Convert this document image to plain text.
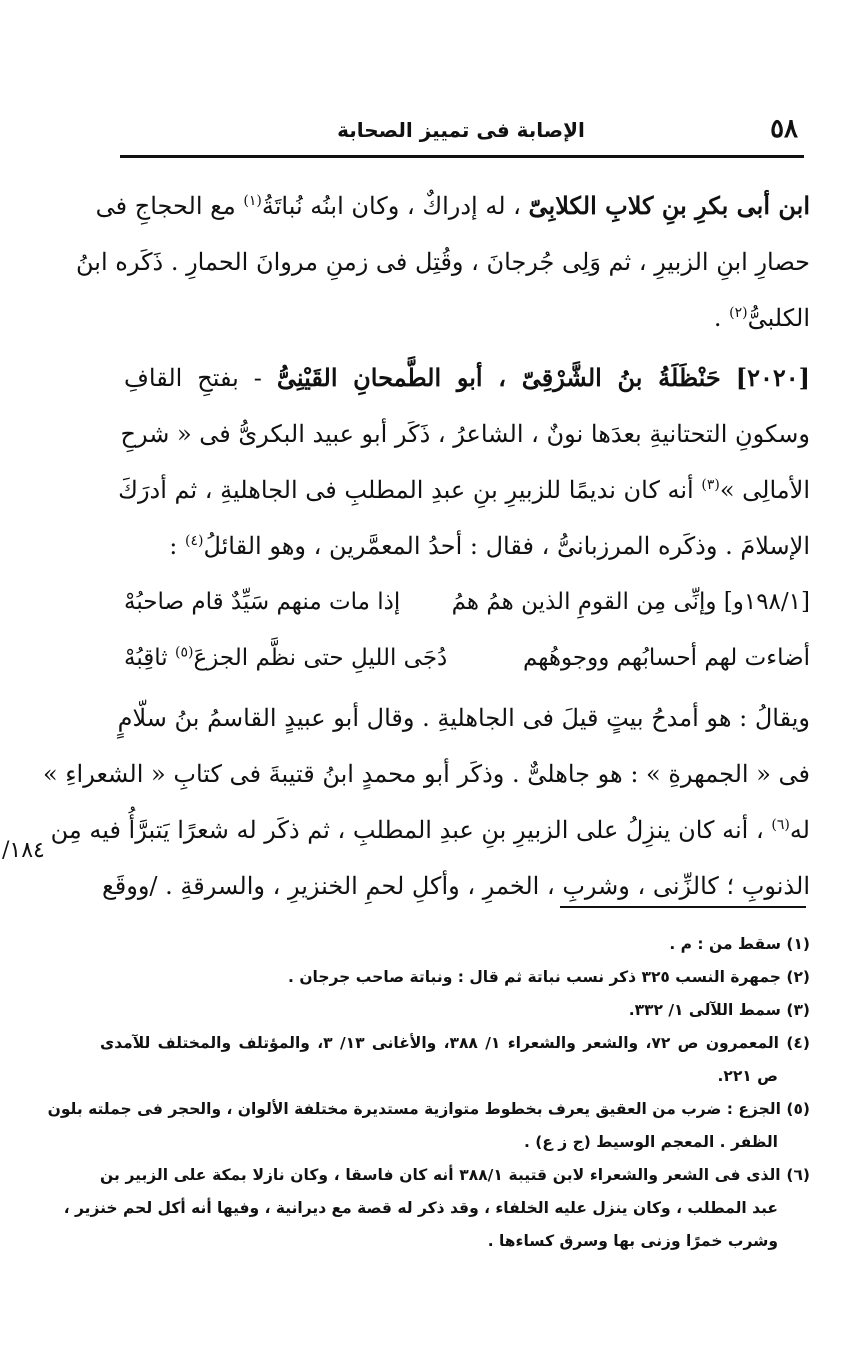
٥٨
الإصابة فى تمييز الصحابة

ابن أبى بكرِ بنِ كلابِ الكلابِىّ ، له إدراكٌ ، وكان ابنُه نُباتَةُ$^{(١)}$ مع الحجاجِ فى

حصارِ ابنِ الزبيرِ ، ثم وَلِى جُرجانَ ، وقُتِل فى زمنِ مروانَ الحمارِ . ذَكَره ابنُ

الكلبىُّ$^{(٢)}$ .

[٢٠٢٠] حَنْظَلَةُ بنُ الشَّرْقِىّ ، أبو الطَّمحانِ القَيْنِىُّ - بفتحِ القافِ

وسكونِ التحتانيةِ بعدَها نونٌ ، الشاعرُ ، ذَكَر أبو عبيد البكرىُّ فى « شرحِ

الأمالِى »$^{(٣)}$ أنه كان نديمًا للزبيرِ بنِ عبدِ المطلبِ فى الجاهليةِ ، ثم أدرَكَ

الإسلامَ . وذكَره المرزبانىُّ ، فقال : أحدُ المعمَّرين ، وهو القائلُ$^{(٤)}$ :

[١٩٨/١و] وإنِّى مِن القومِ الذين همُ همُ
إذا مات منهم سَيِّدٌ قام صاحبُهْ
أضاءت لهم أحسابُهم ووجوهُهم
دُجَى الليلِ حتى نظَّم الجزعَ$^{(٥)}$ ثاقِبُهْ

ويقالُ : هو أمدحُ بيتٍ قيلَ فى الجاهليةِ . وقال أبو عبيدٍ القاسمُ بنُ سلّامٍ

فى « الجمهرةِ » : هو جاهلىٌّ . وذكَر أبو محمدٍ ابنُ قتيبةَ فى كتابِ « الشعراءِ »

له$^{(٦)}$ ، أنه كان ينزِلُ على الزبيرِ بنِ عبدِ المطلبِ ، ثم ذكَر له شعرًا يَتبرَّأُ فيه مِن

الذنوبِ ؛ كالزِّنى ، وشربِ ، الخمرِ ، وأكلِ لحمِ الخنزيرِ ، والسرقةِ . /ووقَع

١٨٤/

(١) سقط من : م .

(٢) جمهرة النسب ٣٢٥ ذكر نسب نباتة ثم قال : ونباتة صاحب جرجان .

(٣) سمط اللآلى ١/ ٣٣٢.

(٤) المعمرون ص ٧٢، والشعر والشعراء ١/ ٣٨٨، والأغانى ١٣/ ٣، والمؤتلف والمختلف للآمدى

ص ٢٢١.

(٥) الجزع : ضرب من العقيق يعرف بخطوط متوازية مستديرة مختلفة الألوان ، والحجر فى جملته بلون

الظفر . المعجم الوسيط (ج ز ع) .

(٦) الذى فى الشعر والشعراء لابن قتيبة ٣٨٨/١ أنه كان فاسقا ، وكان نازلا بمكة على الزبير بن

عبد المطلب ، وكان ينزل عليه الخلفاء ، وقد ذكر له قصة مع ديرانية ، وفيها أنه أكل لحم خنزير ،

وشرب خمرًا وزنى بها وسرق كساءها .
